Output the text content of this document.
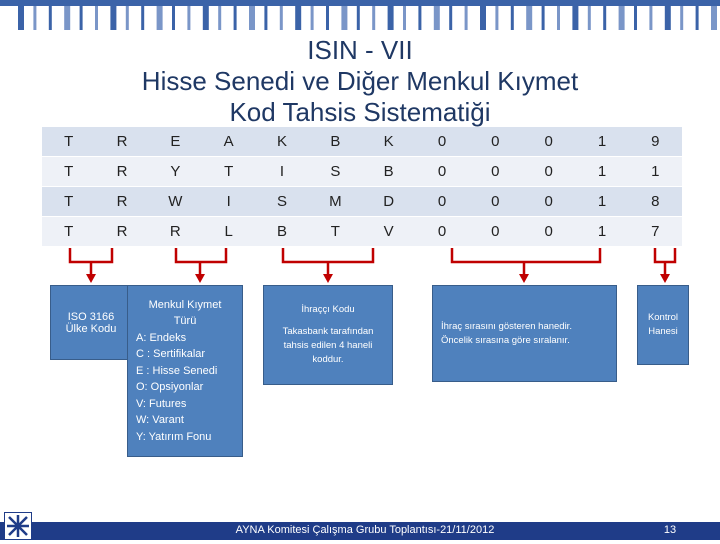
ISIN - VII
Hisse Senedi ve Diğer Menkul Kıymet
Kod Tahsis Sistematiği
T	R	E	A	K	B	K	0	0	0	1	9
T	R	Y	T	I	S	B	0	0	0	1	1
T	R	W	I	S	M	D	0	0	0	1	8
T	R	R	L	B	T	V	0	0	0	1	7
ISO 3166
Ülke Kodu
Menkul Kıymet
Türü
A: Endeks
C : Sertifikalar
E : Hisse Senedi
O: Opsiyonlar
V: Futures
W: Varant
Y: Yatırım Fonu
İhraççı Kodu
Takasbank tarafından tahsis edilen 4 haneli koddur.
İhraç sırasını gösteren hanedir.
Öncelik sırasına göre sıralanır.
Kontrol
Hanesi
AYNA Komitesi Çalışma Grubu Toplantısı-21/11/2012	13
